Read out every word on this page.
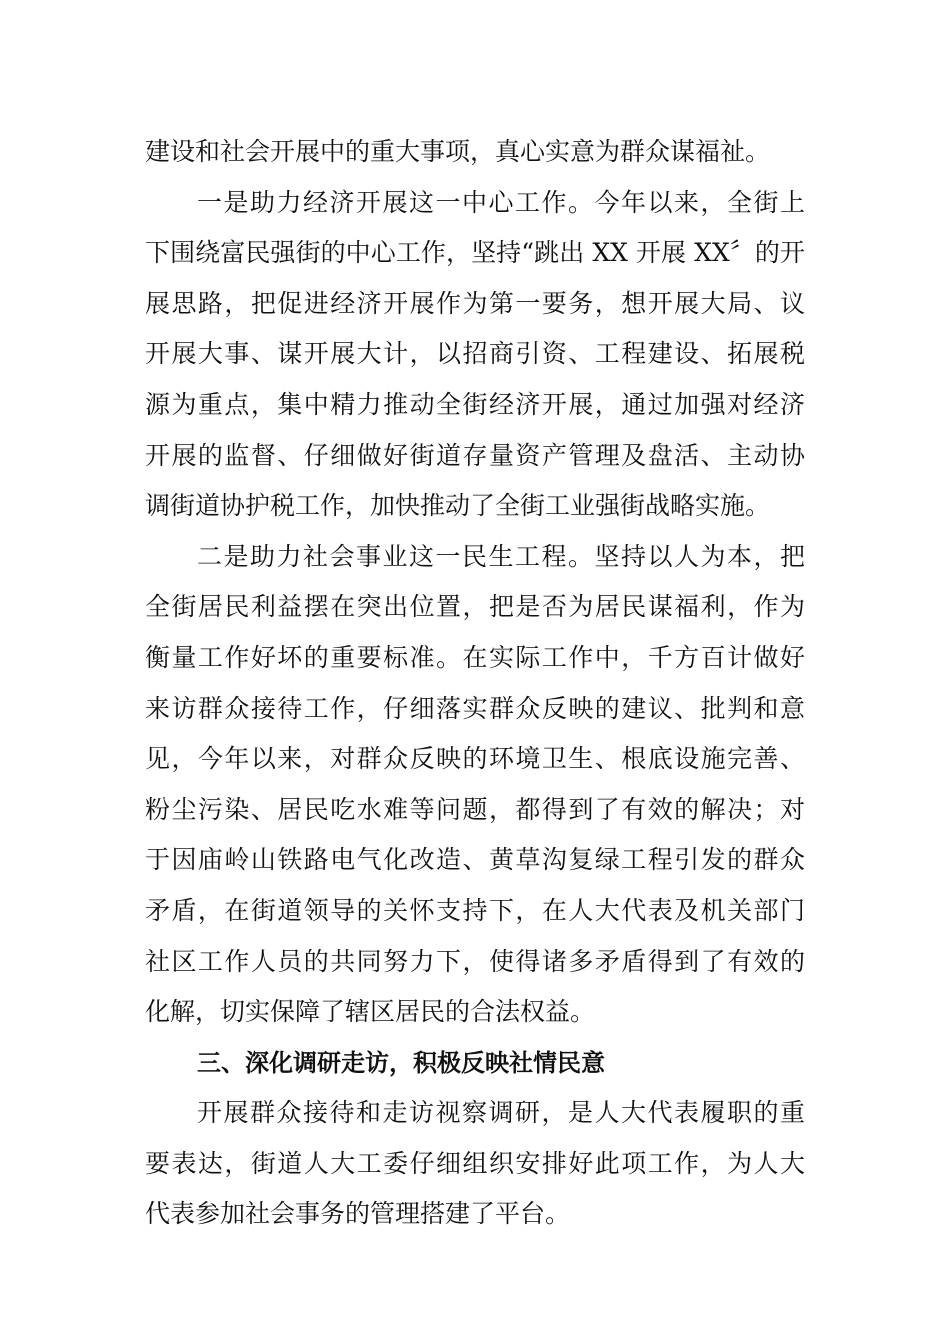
建设和社会开展中的重大事项，真心实意为群众谋福祉。
一是助力经济开展这一中心工作。今年以来，全街上
下围绕富民强街的中心工作，坚持“跳出 XX 开展 XX〞的开
展思路，把促进经济开展作为第一要务，想开展大局、议
开展大事、谋开展大计，以招商引资、工程建设、拓展税
源为重点，集中精力推动全街经济开展，通过加强对经济
开展的监督、仔细做好街道存量资产管理及盘活、主动协
调街道协护税工作，加快推动了全街工业强街战略实施。
二是助力社会事业这一民生工程。坚持以人为本，把
全街居民利益摆在突出位置，把是否为居民谋福利，作为
衡量工作好坏的重要标准。在实际工作中，千方百计做好
来访群众接待工作，仔细落实群众反映的建议、批判和意
见，今年以来，对群众反映的环境卫生、根底设施完善、
粉尘污染、居民吃水难等问题，都得到了有效的解决；对
于因庙岭山铁路电气化改造、黄草沟复绿工程引发的群众
矛盾，在街道领导的关怀支持下，在人大代表及机关部门
社区工作人员的共同努力下，使得诸多矛盾得到了有效的
化解，切实保障了辖区居民的合法权益。
三、深化调研走访，积极反映社情民意
开展群众接待和走访视察调研，是人大代表履职的重
要表达，街道人大工委仔细组织安排好此项工作，为人大
代表参加社会事务的管理搭建了平台。
